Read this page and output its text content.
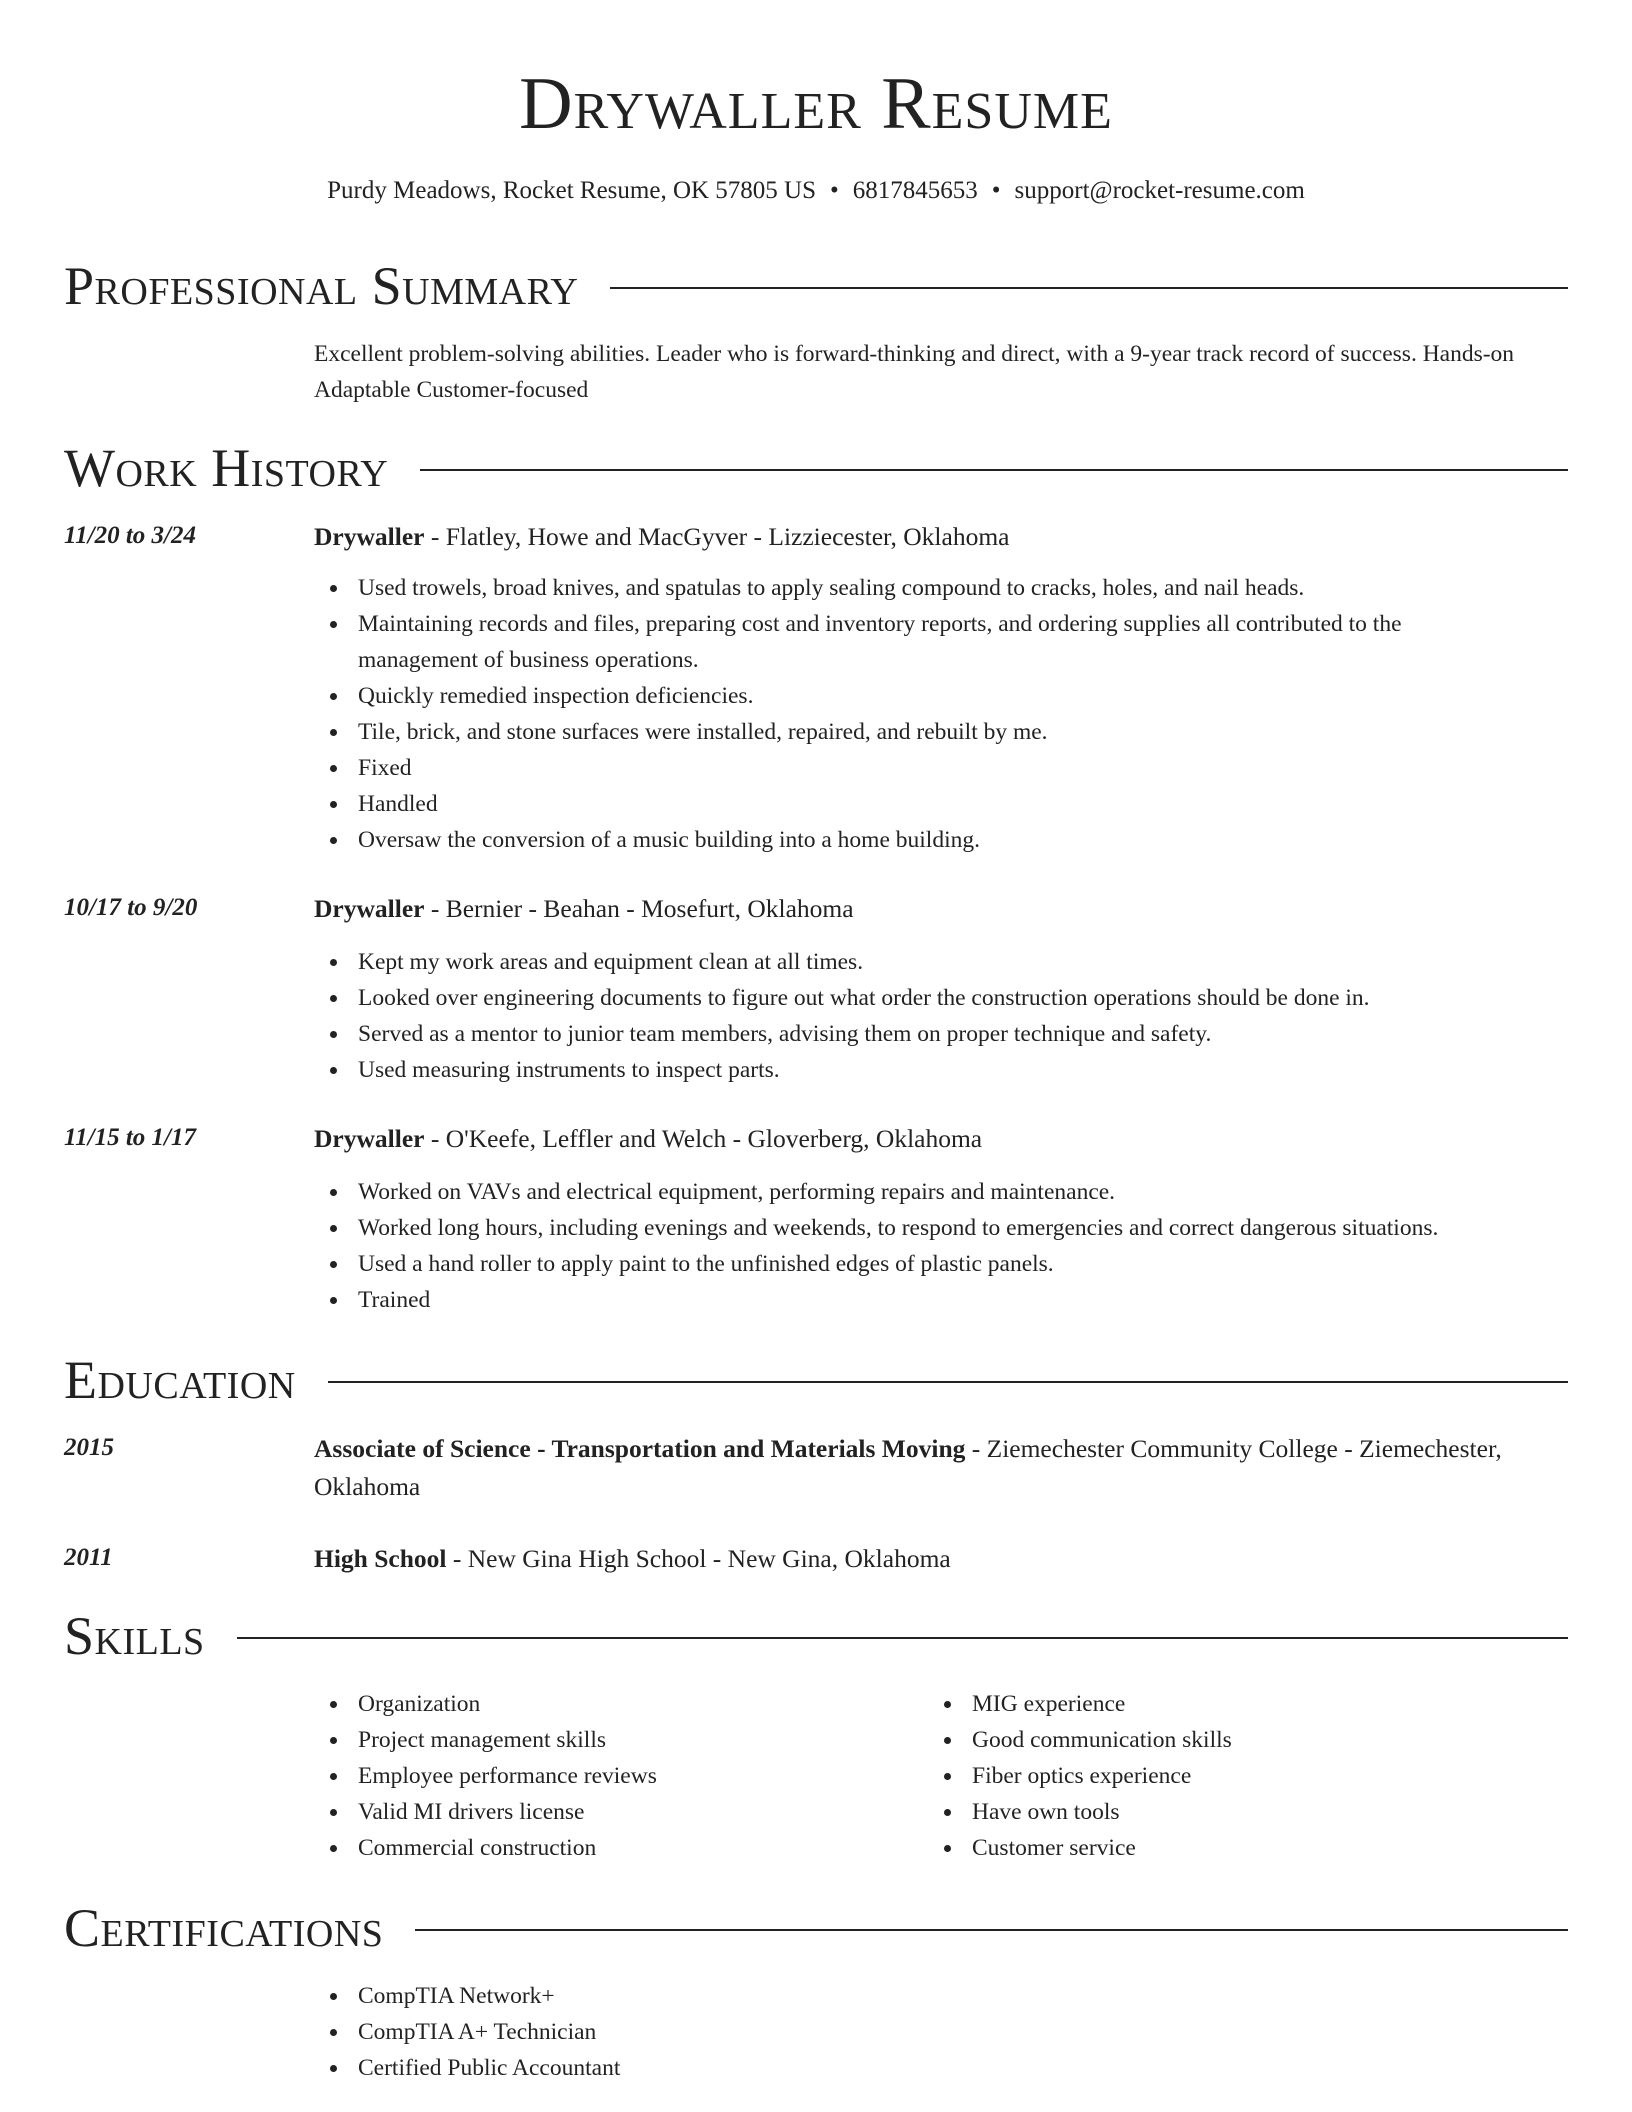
Drywaller Resume
Purdy Meadows, Rocket Resume, OK 57805 US • 6817845653 • support@rocket-resume.com
Professional Summary
Excellent problem-solving abilities. Leader who is forward-thinking and direct, with a 9-year track record of success. Hands-on Adaptable Customer-focused
Work History
11/20 to 3/24	Drywaller - Flatley, Howe and MacGyver - Lizziecester, Oklahoma
Used trowels, broad knives, and spatulas to apply sealing compound to cracks, holes, and nail heads.
Maintaining records and files, preparing cost and inventory reports, and ordering supplies all contributed to the management of business operations.
Quickly remedied inspection deficiencies.
Tile, brick, and stone surfaces were installed, repaired, and rebuilt by me.
Fixed
Handled
Oversaw the conversion of a music building into a home building.
10/17 to 9/20	Drywaller - Bernier - Beahan - Mosefurt, Oklahoma
Kept my work areas and equipment clean at all times.
Looked over engineering documents to figure out what order the construction operations should be done in.
Served as a mentor to junior team members, advising them on proper technique and safety.
Used measuring instruments to inspect parts.
11/15 to 1/17	Drywaller - O'Keefe, Leffler and Welch - Gloverberg, Oklahoma
Worked on VAVs and electrical equipment, performing repairs and maintenance.
Worked long hours, including evenings and weekends, to respond to emergencies and correct dangerous situations.
Used a hand roller to apply paint to the unfinished edges of plastic panels.
Trained
Education
2015	Associate of Science - Transportation and Materials Moving - Ziemechester Community College - Ziemechester, Oklahoma
2011	High School - New Gina High School - New Gina, Oklahoma
Skills
Organization
Project management skills
Employee performance reviews
Valid MI drivers license
Commercial construction
MIG experience
Good communication skills
Fiber optics experience
Have own tools
Customer service
Certifications
CompTIA Network+
CompTIA A+ Technician
Certified Public Accountant
